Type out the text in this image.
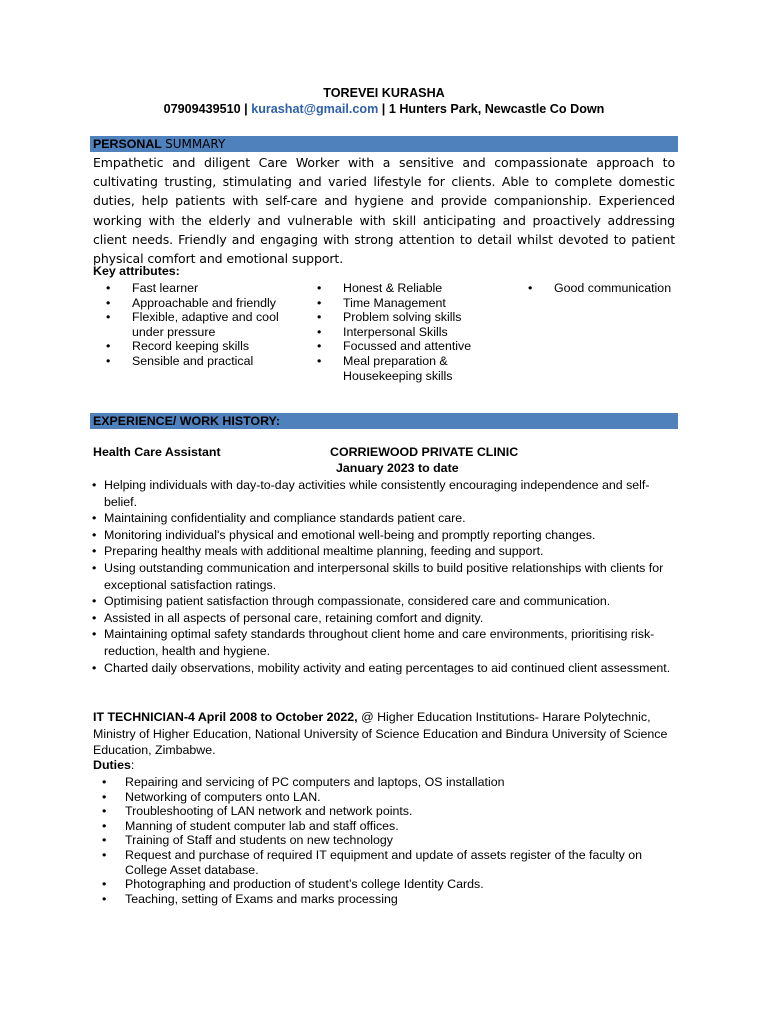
TOREVEI KURASHA
07909439510 | kurashat@gmail.com | 1 Hunters Park, Newcastle Co Down
PERSONAL SUMMARY
Empathetic and diligent Care Worker with a sensitive and compassionate approach to cultivating trusting, stimulating and varied lifestyle for clients. Able to complete domestic duties, help patients with self-care and hygiene and provide companionship. Experienced working with the elderly and vulnerable with skill anticipating and proactively addressing client needs. Friendly and engaging with strong attention to detail whilst devoted to patient physical comfort and emotional support.
Key attributes:
• Fast learner
• Approachable and friendly
• Flexible, adaptive and cool under pressure
• Record keeping skills
• Sensible and practical
• Honest & Reliable
• Time Management
• Problem solving skills
• Interpersonal Skills
• Focussed and attentive
• Meal preparation & Housekeeping skills
• Good communication
EXPERIENCE/ WORK HISTORY:
Health Care Assistant	CORRIEWOOD PRIVATE CLINIC
January 2023 to date
• Helping individuals with day-to-day activities while consistently encouraging independence and self-belief.
• Maintaining confidentiality and compliance standards patient care.
• Monitoring individual's physical and emotional well-being and promptly reporting changes.
• Preparing healthy meals with additional mealtime planning, feeding and support.
• Using outstanding communication and interpersonal skills to build positive relationships with clients for exceptional satisfaction ratings.
• Optimising patient satisfaction through compassionate, considered care and communication.
• Assisted in all aspects of personal care, retaining comfort and dignity.
• Maintaining optimal safety standards throughout client home and care environments, prioritising risk-reduction, health and hygiene.
• Charted daily observations, mobility activity and eating percentages to aid continued client assessment.
IT TECHNICIAN-4 April 2008 to October 2022, @ Higher Education Institutions- Harare Polytechnic, Ministry of Higher Education, National University of Science Education and Bindura University of Science Education, Zimbabwe.
Duties:
• Repairing and servicing of PC computers and laptops, OS installation
• Networking of computers onto LAN.
• Troubleshooting of LAN network and network points.
• Manning of student computer lab and staff offices.
• Training of Staff and students on new technology
• Request and purchase of required IT equipment and update of assets register of the faculty on College Asset database.
• Photographing and production of student’s college Identity Cards.
• Teaching, setting of Exams and marks processing
